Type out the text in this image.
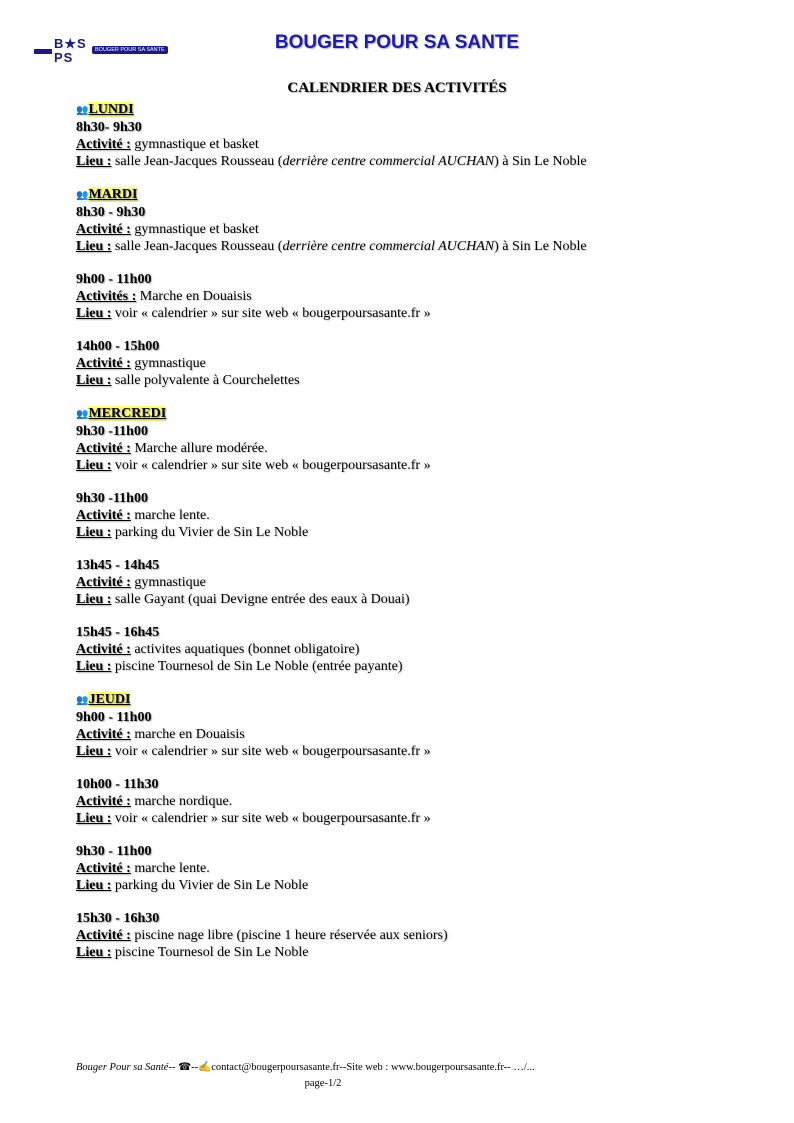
B★S
PS	BOUGER POUR SA SANTE	BOUGER POUR SA SANTE
CALENDRIER DES ACTIVITÉS
👥LUNDI
8h30- 9h30
Activité : gymnastique et basket
Lieu : salle Jean-Jacques Rousseau (derrière centre commercial AUCHAN) à Sin Le Noble
👥MARDI
8h30 - 9h30
Activité : gymnastique et basket
Lieu : salle Jean-Jacques Rousseau (derrière centre commercial AUCHAN) à Sin Le Noble
9h00 - 11h00
Activités : Marche en Douaisis
Lieu : voir « calendrier » sur site web « bougerpoursasante.fr »
14h00 - 15h00
Activité : gymnastique
Lieu : salle polyvalente à Courchelettes
👥MERCREDI
9h30 -11h00
Activité : Marche allure modérée.
Lieu : voir « calendrier » sur site web « bougerpoursasante.fr »
9h30 -11h00
Activité : marche lente.
Lieu : parking du Vivier de Sin Le Noble
13h45 - 14h45
Activité : gymnastique
Lieu : salle Gayant (quai Devigne entrée des eaux à Douai)
15h45 - 16h45
Activité : activites aquatiques (bonnet obligatoire)
Lieu : piscine Tournesol de Sin Le Noble (entrée payante)
👥JEUDI
9h00 - 11h00
Activité : marche en Douaisis
Lieu : voir « calendrier » sur site web « bougerpoursasante.fr »
10h00 - 11h30
Activité : marche nordique.
Lieu : voir « calendrier » sur site web « bougerpoursasante.fr »
9h30 - 11h00
Activité : marche lente.
Lieu : parking du Vivier de Sin Le Noble
15h30 - 16h30
Activité : piscine nage libre (piscine 1 heure réservée aux seniors)
Lieu : piscine Tournesol de Sin Le Noble
Bouger Pour sa Santé-- ☎--✍contact@bougerpoursasante.fr--Site web : www.bougerpoursasante.fr-- …/...
page-1/2
